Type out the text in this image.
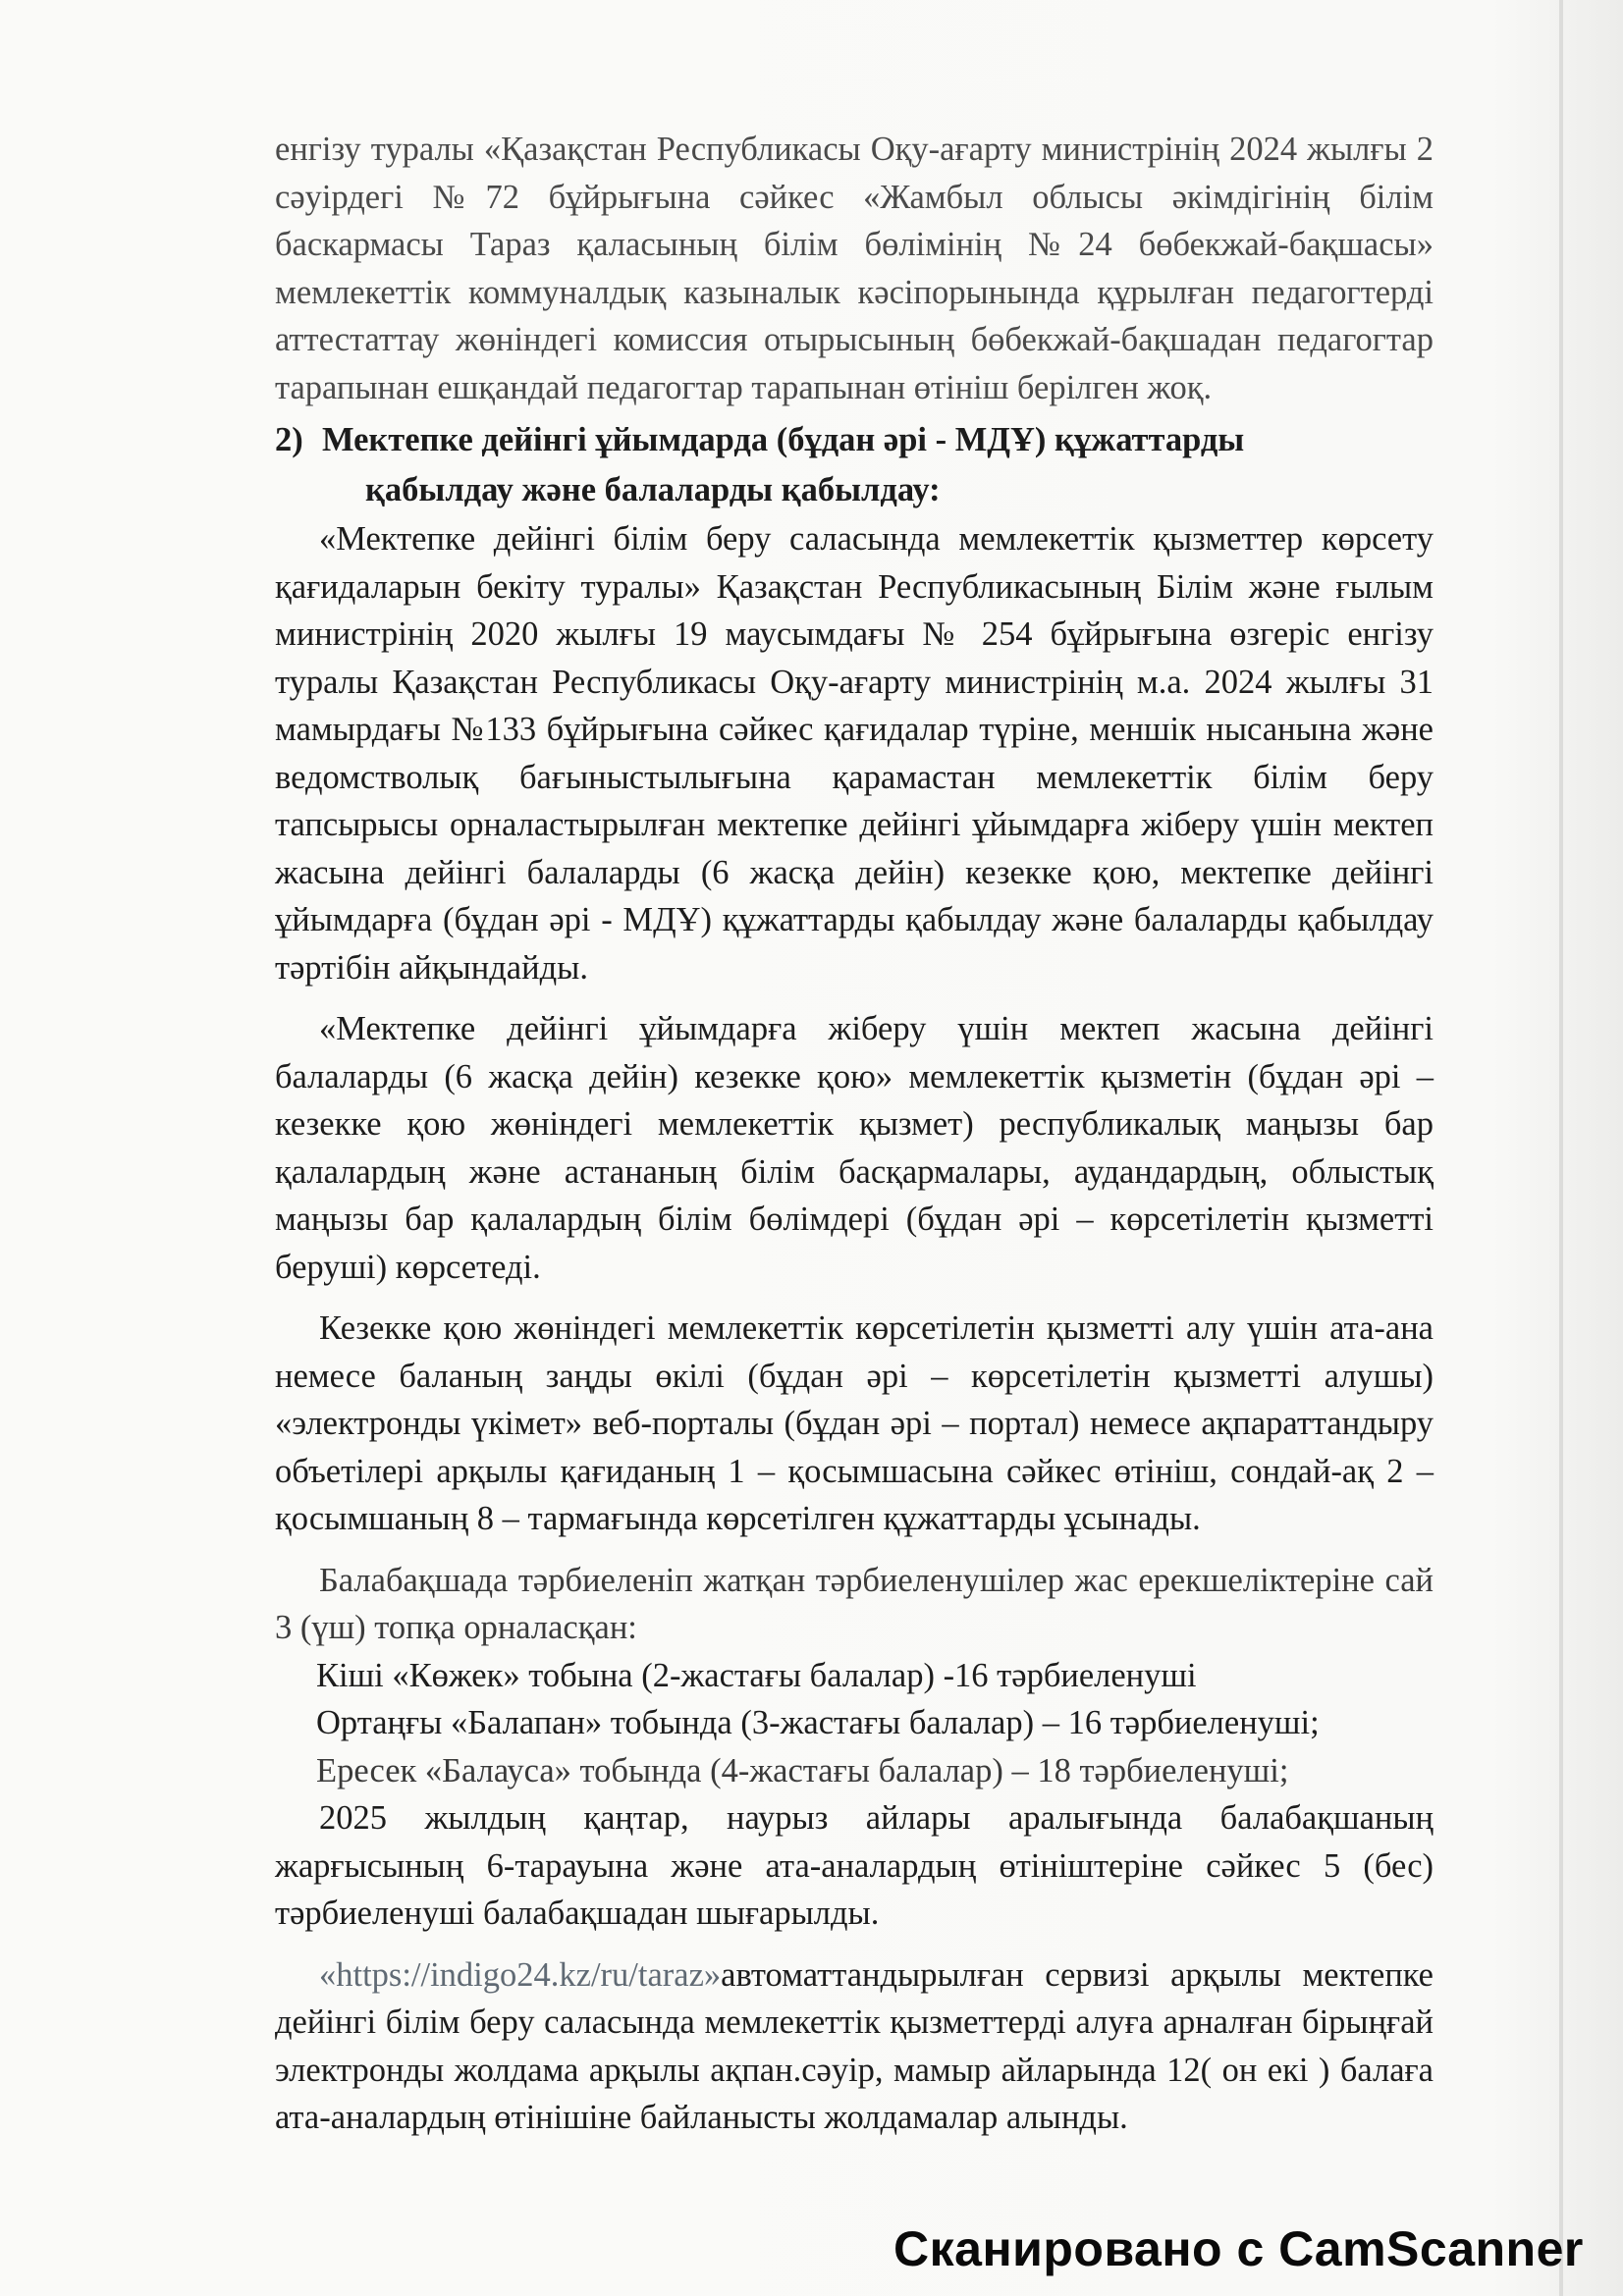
енгізу туралы «Қазақстан Республикасы Оқу-ағарту министрінің 2024 жылғы 2 сәуірдегі №72 бұйрығына сәйкес «Жамбыл облысы әкімдігінің білім баскармасы Тараз қаласының білім бөлімінің №24 бөбекжай-бақшасы» мемлекеттік коммуналдық казыналык кәсіпорынында құрылған педагогтерді аттестаттау жөніндегі комиссия отырысының бөбекжай-бақшадан педагогтар тарапынан ешқандай педагогтар тарапынан өтініш берілген жоқ.

2) Мектепке дейінгі ұйымдарда (бұдан әрі - МДҰ) құжаттарды

қабылдау және балаларды қабылдау:

«Мектепке дейінгі білім беру саласында мемлекеттік қызметтер көрсету қағидаларын бекіту туралы» Қазақстан Республикасының Білім және ғылым министрінің 2020 жылғы 19 маусымдағы № 254 бұйрығына өзгеріс енгізу туралы Қазақстан Республикасы Оқу-ағарту министрінің м.а. 2024 жылғы 31 мамырдағы №133 бұйрығына сәйкес қағидалар түріне, меншік нысанына және ведомстволық бағыныстылығына қарамастан мемлекеттік білім беру тапсырысы орналастырылған мектепке дейінгі ұйымдарға жіберу үшін мектеп жасына дейінгі балаларды (6 жасқа дейін) кезекке қою, мектепке дейінгі ұйымдарға (бұдан әрі - МДҰ) құжаттарды қабылдау және балаларды қабылдау тәртібін айқындайды.

«Мектепке дейінгі ұйымдарға жіберу үшін мектеп жасына дейінгі балаларды (6 жасқа дейін) кезекке қою» мемлекеттік қызметін (бұдан әрі – кезекке қою жөніндегі мемлекеттік қызмет) республикалық маңызы бар қалалардың және астананың білім басқармалары, аудандардың, облыстық маңызы бар қалалардың білім бөлімдері (бұдан әрі – көрсетілетін қызметті беруші) көрсетеді.

Кезекке қою жөніндегі мемлекеттік көрсетілетін қызметті алу үшін ата-ана немесе баланың заңды өкілі (бұдан әрі – көрсетілетін қызметті алушы) «электронды үкімет» веб-порталы (бұдан әрі – портал) немесе ақпараттандыру объетілері арқылы қағиданың 1 – қосымшасына сәйкес өтініш, сондай-ақ 2 – қосымшаның 8 – тармағында көрсетілген құжаттарды ұсынады.

Балабақшада тәрбиеленіп жатқан тәрбиеленушілер жас ерекшеліктеріне сай 3 (үш) топқа орналасқан:

Кіші «Көжек» тобына (2-жастағы балалар) -16 тәрбиеленуші

Ортаңғы «Балапан» тобында (3-жастағы балалар) – 16 тәрбиеленуші;

Ересек «Балауса» тобында (4-жастағы балалар) – 18 тәрбиеленуші;

2025 жылдың қаңтар, наурыз айлары аралығында балабақшаның жарғысының 6-тарауына және ата-аналардың өтініштеріне сәйкес 5 (бес) тәрбиеленуші балабақшадан шығарылды.

«https://indigo24.kz/ru/taraz»автоматтандырылған сервизі арқылы мектепке дейінгі білім беру саласында мемлекеттік қызметтерді алуға арналған бірыңғай электронды жолдама арқылы ақпан.сәуір, мамыр айларында 12( он екі ) балаға ата-аналардың өтінішіне байланысты жолдамалар алынды.

Сканировано с CamScanner
